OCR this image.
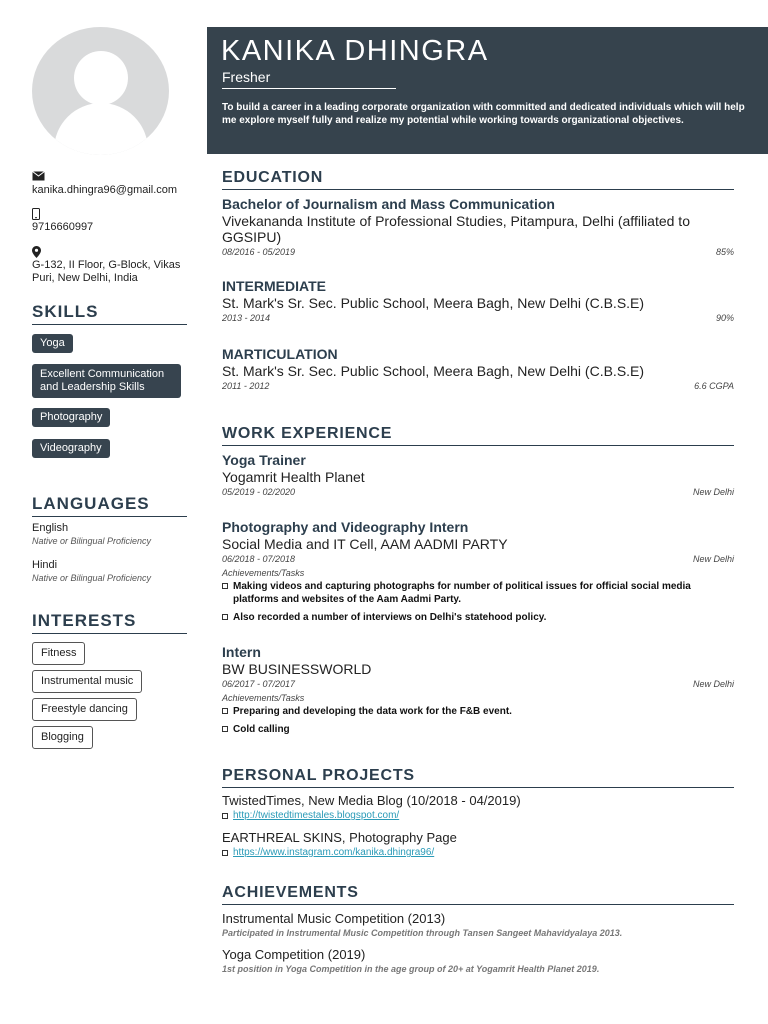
kanika.dhingra96@gmail.com
9716660997
G-132, II Floor, G-Block, Vikas Puri, New Delhi, India
SKILLS
Yoga
Excellent Communication and Leadership Skills
Photography
Videography
LANGUAGES
English
Native or Bilingual Proficiency
Hindi
Native or Bilingual Proficiency
INTERESTS
Fitness
Instrumental music
Freestyle dancing
Blogging
KANIKA DHINGRA
Fresher
To build a career in a leading corporate organization with committed and dedicated individuals which will help me explore myself fully and realize my potential while working towards organizational objectives.
EDUCATION
Bachelor of Journalism and Mass Communication
Vivekananda Institute of Professional Studies, Pitampura, Delhi (affiliated to GGSIPU)
08/2016 - 05/2019	85%
INTERMEDIATE
St. Mark's Sr. Sec. Public School, Meera Bagh, New Delhi (C.B.S.E)
2013 - 2014	90%
MARTICULATION
St. Mark's Sr. Sec. Public School, Meera Bagh, New Delhi (C.B.S.E)
2011 - 2012	6.6 CGPA
WORK EXPERIENCE
Yoga Trainer
Yogamrit Health Planet
05/2019 - 02/2020	New Delhi
Photography and Videography Intern
Social Media and IT Cell, AAM AADMI PARTY
06/2018 - 07/2018	New Delhi
Achievements/Tasks
Making videos and capturing photographs for number of political issues for official social media platforms and websites of the Aam Aadmi Party.
Also recorded a number of interviews on Delhi's statehood policy.
Intern
BW BUSINESSWORLD
06/2017 - 07/2017	New Delhi
Achievements/Tasks
Preparing and developing the data work for the F&B event.
Cold calling
PERSONAL PROJECTS
TwistedTimes, New Media Blog (10/2018 - 04/2019)
http://twistedtimestales.blogspot.com/
EARTHREAL SKINS, Photography Page
https://www.instagram.com/kanika.dhingra96/
ACHIEVEMENTS
Instrumental Music Competition (2013)
Participated in Instrumental Music Competition through Tansen Sangeet Mahavidyalaya 2013.
Yoga Competition (2019)
1st position in Yoga Competition in the age group of 20+ at Yogamrit Health Planet 2019.
